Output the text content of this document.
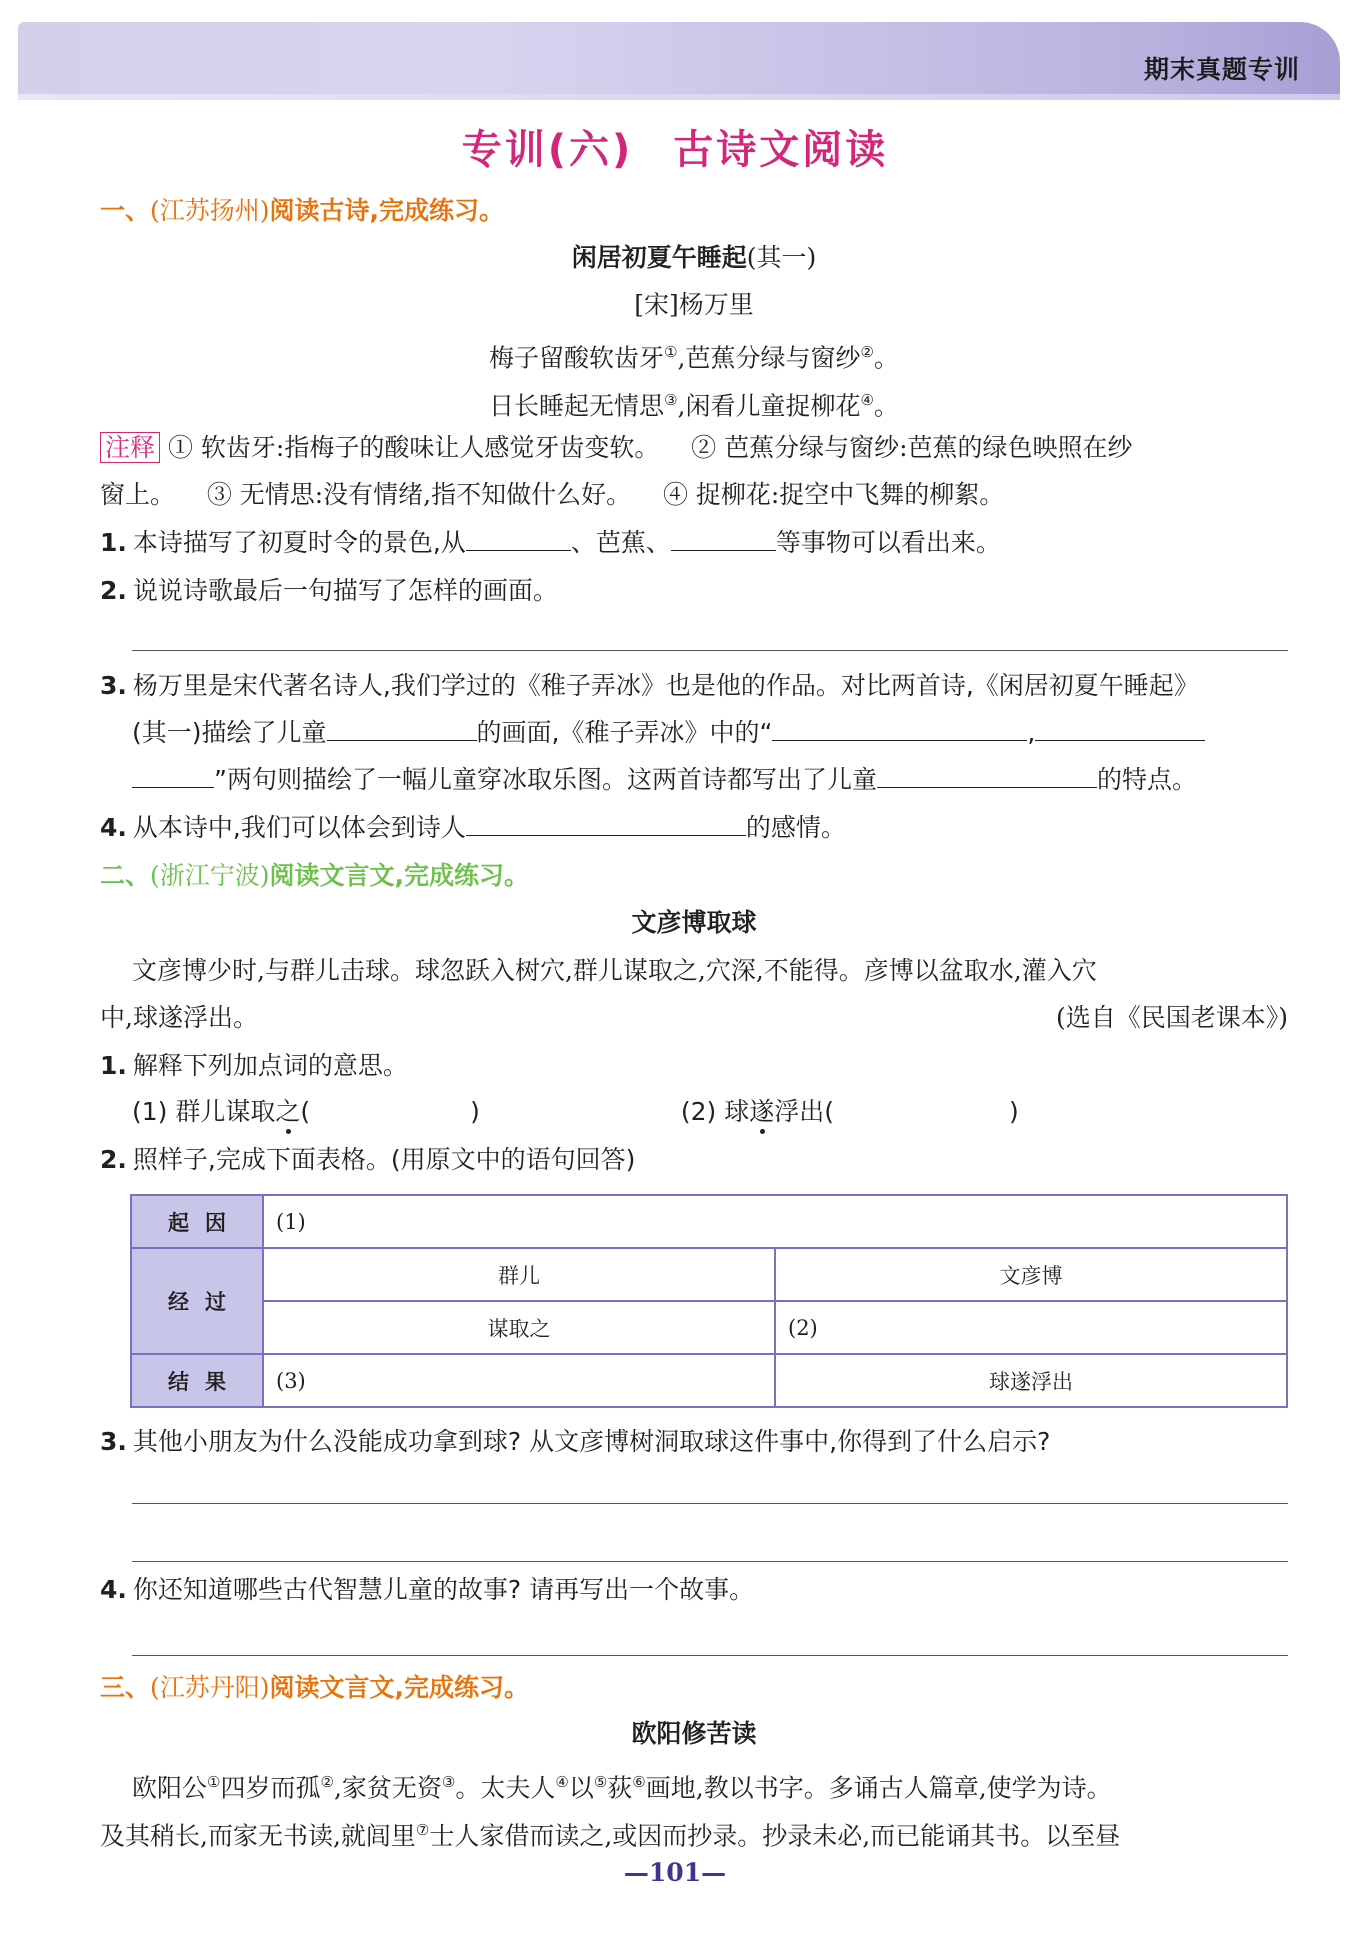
期末真题专训
专训(六) 古诗文阅读
一、(江苏扬州)阅读古诗,完成练习。
闲居初夏午睡起(其一)
[宋]杨万里
梅子留酸软齿牙①,芭蕉分绿与窗纱②。
日长睡起无情思③,闲看儿童捉柳花④。
注释 ① 软齿牙:指梅子的酸味让人感觉牙齿变软。 ② 芭蕉分绿与窗纱:芭蕉的绿色映照在纱
窗上。 ③ 无情思:没有情绪,指不知做什么好。 ④ 捉柳花:捉空中飞舞的柳絮。
1. 本诗描写了初夏时令的景色,从	、芭蕉、	等事物可以看出来。
2. 说说诗歌最后一句描写了怎样的画面。
3. 杨万里是宋代著名诗人,我们学过的《稚子弄冰》也是他的作品。对比两首诗,《闲居初夏午睡起》
(其一)描绘了儿童	的画面,《稚子弄冰》中的“	,
”两句则描绘了一幅儿童穿冰取乐图。这两首诗都写出了儿童	的特点。
4. 从本诗中,我们可以体会到诗人	的感情。
二、(浙江宁波)阅读文言文,完成练习。
文彦博取球
文彦博少时,与群儿击球。球忽跃入树穴,群儿谋取之,穴深,不能得。彦博以盆取水,灌入穴
中,球遂浮出。	(选自《民国老课本》)
1. 解释下列加点词的意思。
(1) 群儿谋取之(	)	(2) 球遂浮出(	)
2. 照样子,完成下面表格。(用原文中的语句回答)
起因	(1)	
经过	群儿	文彦博
	谋取之	(2)
结果	(3)	球遂浮出
3. 其他小朋友为什么没能成功拿到球? 从文彦博树洞取球这件事中,你得到了什么启示?
4. 你还知道哪些古代智慧儿童的故事? 请再写出一个故事。
三、(江苏丹阳)阅读文言文,完成练习。
欧阳修苦读
欧阳公①四岁而孤②,家贫无资③。太夫人④以⑤荻⑥画地,教以书字。多诵古人篇章,使学为诗。
及其稍长,而家无书读,就闾里⑦士人家借而读之,或因而抄录。抄录未必,而已能诵其书。以至昼
—101—
